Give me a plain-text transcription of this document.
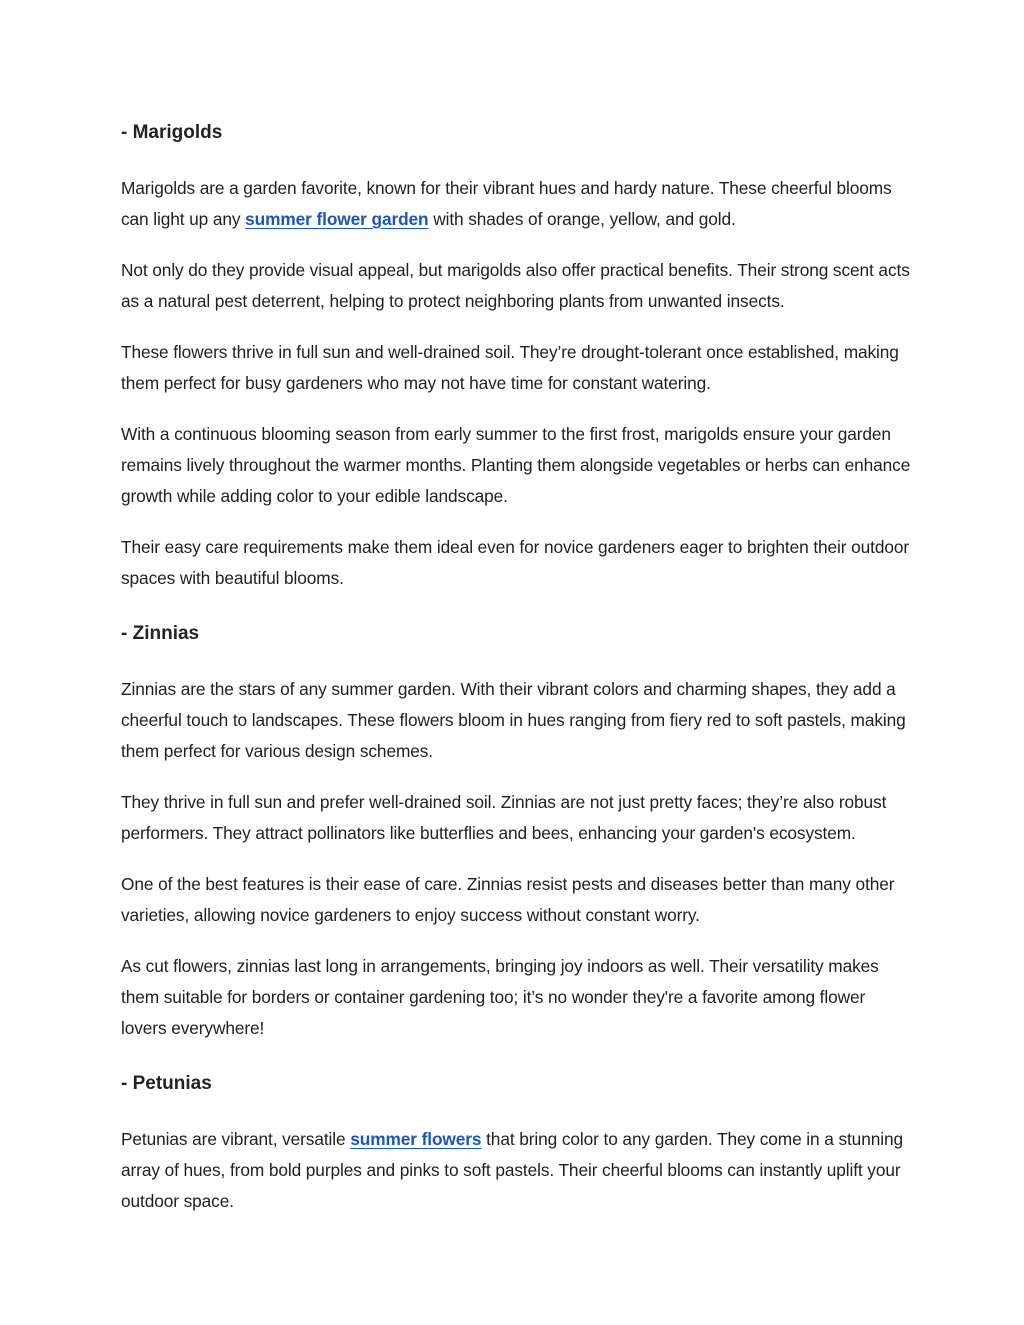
- Marigolds

Marigolds are a garden favorite, known for their vibrant hues and hardy nature. These cheerful blooms can light up any summer flower garden with shades of orange, yellow, and gold.

Not only do they provide visual appeal, but marigolds also offer practical benefits. Their strong scent acts as a natural pest deterrent, helping to protect neighboring plants from unwanted insects.

These flowers thrive in full sun and well-drained soil. They’re drought-tolerant once established, making them perfect for busy gardeners who may not have time for constant watering.

With a continuous blooming season from early summer to the first frost, marigolds ensure your garden remains lively throughout the warmer months. Planting them alongside vegetables or herbs can enhance growth while adding color to your edible landscape.

Their easy care requirements make them ideal even for novice gardeners eager to brighten their outdoor spaces with beautiful blooms.

- Zinnias

Zinnias are the stars of any summer garden. With their vibrant colors and charming shapes, they add a cheerful touch to landscapes. These flowers bloom in hues ranging from fiery red to soft pastels, making them perfect for various design schemes.

They thrive in full sun and prefer well-drained soil. Zinnias are not just pretty faces; they’re also robust performers. They attract pollinators like butterflies and bees, enhancing your garden's ecosystem.

One of the best features is their ease of care. Zinnias resist pests and diseases better than many other varieties, allowing novice gardeners to enjoy success without constant worry.

As cut flowers, zinnias last long in arrangements, bringing joy indoors as well. Their versatility makes them suitable for borders or container gardening too; it’s no wonder they're a favorite among flower lovers everywhere!

- Petunias

Petunias are vibrant, versatile summer flowers that bring color to any garden. They come in a stunning array of hues, from bold purples and pinks to soft pastels. Their cheerful blooms can instantly uplift your outdoor space.
